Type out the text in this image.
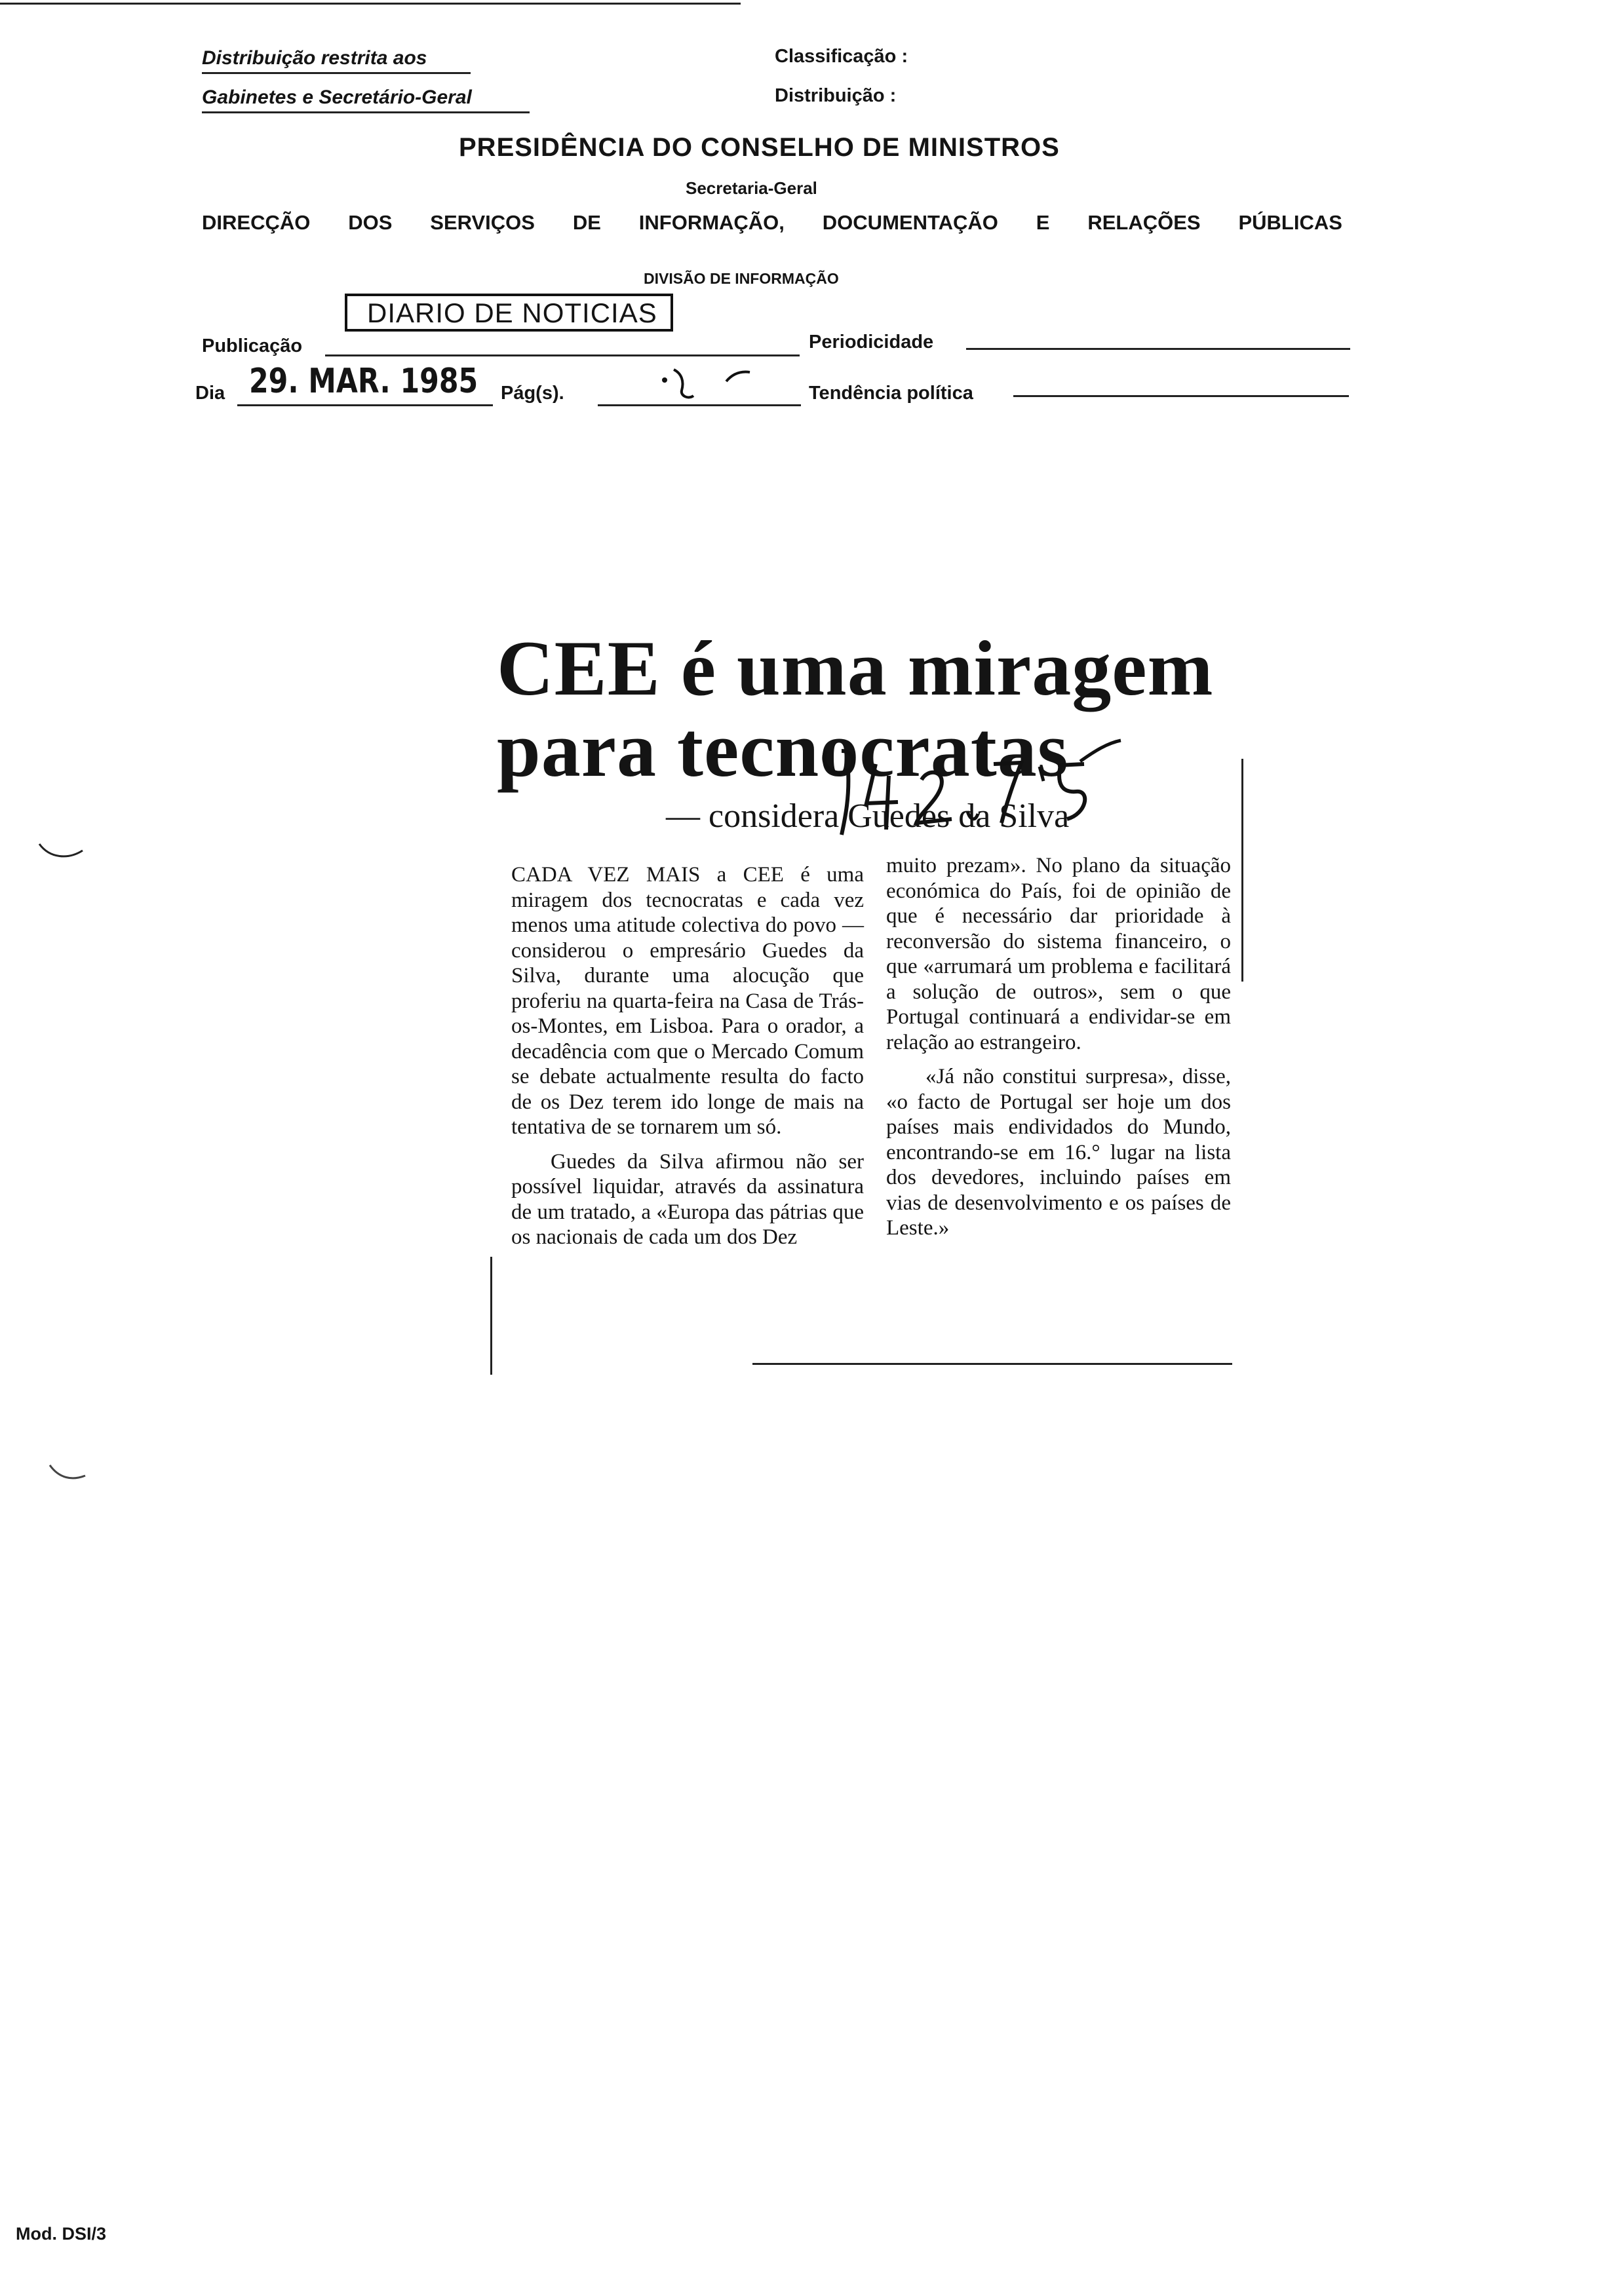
Distribuição restrita aos
Gabinetes e Secretário-Geral
Classificação :
Distribuição :
PRESIDÊNCIA DO CONSELHO DE MINISTROS
Secretaria-Geral
DIRECÇÃO DOS SERVIÇOS DE INFORMAÇÃO, DOCUMENTAÇÃO E RELAÇÕES PÚBLICAS
DIVISÃO DE INFORMAÇÃO
Publicação
DIARIO DE NOTICIAS
Periodicidade
Dia 29. MAR. 1985 Pág(s).	Tendência política
CEE é uma miragem
para tecnocratas
— considera Guedes da Silva

CADA VEZ MAIS a CEE é uma miragem dos tecnocratas e cada vez menos uma atitude colectiva do povo — considerou o empresário Guedes da Silva, durante uma alocução que proferiu na quarta-feira na Casa de Trás-os-Montes, em Lisboa. Para o orador, a decadência com que o Mercado Comum se debate actualmente resulta do facto de os Dez terem ido longe de mais na tentativa de se tornarem um só.

Guedes da Silva afirmou não ser possível liquidar, através da assinatura de um tratado, a «Europa das pátrias que os nacionais de cada um dos Dez

muito prezam». No plano da situação económica do País, foi de opinião de que é necessário dar prioridade à reconversão do sistema financeiro, o que «arrumará um problema e facilitará a solução de outros», sem o que Portugal continuará a endividar-se em relação ao estrangeiro.

«Já não constitui surpresa», disse, «o facto de Portugal ser hoje um dos países mais endividados do Mundo, encontrando-se em 16.° lugar na lista dos devedores, incluindo países em vias de desenvolvimento e os países de Leste.»

Mod. DSI/3
